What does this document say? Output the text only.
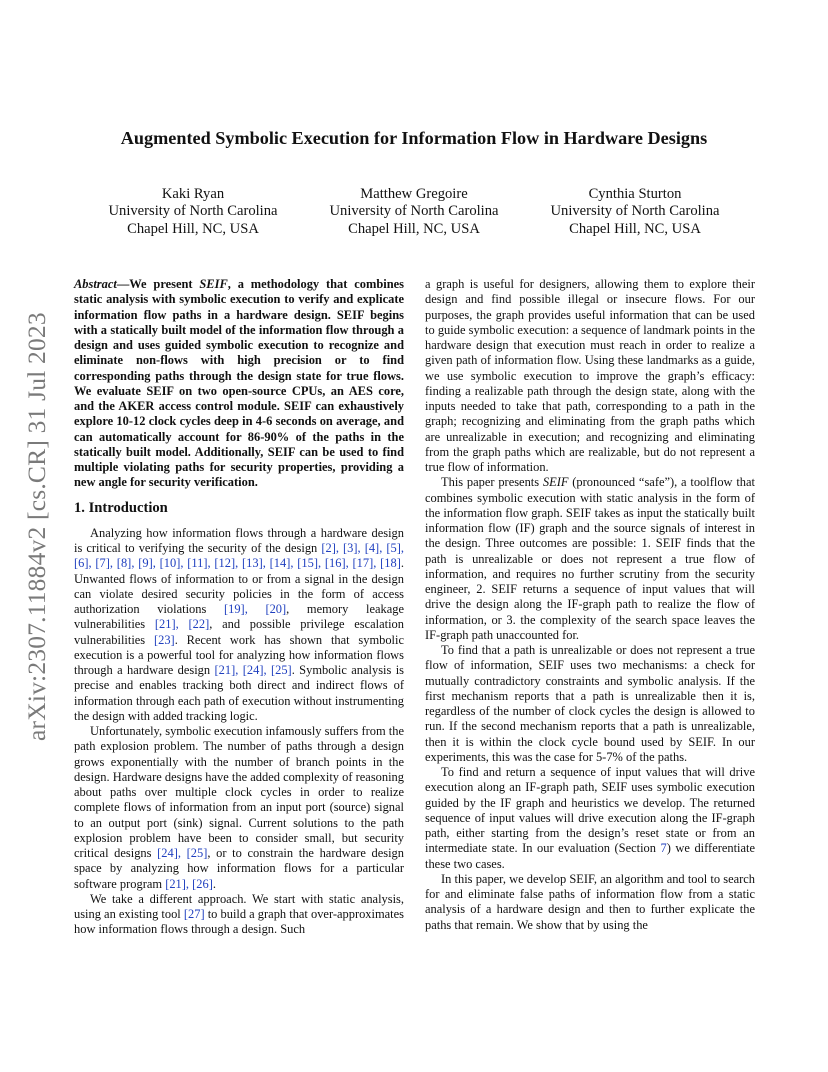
arXiv:2307.11884v2 [cs.CR] 31 Jul 2023
Augmented Symbolic Execution for Information Flow in Hardware Designs
Kaki Ryan
University of North Carolina
Chapel Hill, NC, USA
Matthew Gregoire
University of North Carolina
Chapel Hill, NC, USA
Cynthia Sturton
University of North Carolina
Chapel Hill, NC, USA

Abstract—We present SEIF, a methodology that combines static analysis with symbolic execution to verify and explicate information flow paths in a hardware design. SEIF begins with a statically built model of the information flow through a design and uses guided symbolic execution to recognize and eliminate non-flows with high precision or to find corresponding paths through the design state for true flows. We evaluate SEIF on two open-source CPUs, an AES core, and the AKER access control module. SEIF can exhaustively explore 10-12 clock cycles deep in 4-6 seconds on average, and can automatically account for 86-90% of the paths in the statically built model. Additionally, SEIF can be used to find multiple violating paths for security properties, providing a new angle for security verification.

1. Introduction

Analyzing how information flows through a hardware design is critical to verifying the security of the design [2], [3], [4], [5], [6], [7], [8], [9], [10], [11], [12], [13], [14], [15], [16], [17], [18]. Unwanted flows of information to or from a signal in the design can violate desired security policies in the form of access authorization violations [19], [20], memory leakage vulnerabilities [21], [22], and possible privilege escalation vulnerabilities [23]. Recent work has shown that symbolic execution is a powerful tool for analyzing how information flows through a hardware design [21], [24], [25]. Symbolic analysis is precise and enables tracking both direct and indirect flows of information through each path of execution without instrumenting the design with added tracking logic.

Unfortunately, symbolic execution infamously suffers from the path explosion problem. The number of paths through a design grows exponentially with the number of branch points in the design. Hardware designs have the added complexity of reasoning about paths over multiple clock cycles in order to realize complete flows of information from an input port (source) signal to an output port (sink) signal. Current solutions to the path explosion problem have been to consider small, but security critical designs [24], [25], or to constrain the hardware design space by analyzing how information flows for a particular software program [21], [26].

We take a different approach. We start with static analysis, using an existing tool [27] to build a graph that over-approximates how information flows through a design. Such

a graph is useful for designers, allowing them to explore their design and find possible illegal or insecure flows. For our purposes, the graph provides useful information that can be used to guide symbolic execution: a sequence of landmark points in the hardware design that execution must reach in order to realize a given path of information flow. Using these landmarks as a guide, we use symbolic execution to improve the graph’s efficacy: finding a realizable path through the design state, along with the inputs needed to take that path, corresponding to a path in the graph; recognizing and eliminating from the graph paths which are unrealizable in execution; and recognizing and eliminating from the graph paths which are realizable, but do not represent a true flow of information.

This paper presents SEIF (pronounced “safe”), a toolflow that combines symbolic execution with static analysis in the form of the information flow graph. SEIF takes as input the statically built information flow (IF) graph and the source signals of interest in the design. Three outcomes are possible: 1. SEIF finds that the path is unrealizable or does not represent a true flow of information, and requires no further scrutiny from the security engineer, 2. SEIF returns a sequence of input values that will drive the design along the IF-graph path to realize the flow of information, or 3. the complexity of the search space leaves the IF-graph path unaccounted for.

To find that a path is unrealizable or does not represent a true flow of information, SEIF uses two mechanisms: a check for mutually contradictory constraints and symbolic analysis. If the first mechanism reports that a path is unrealizable then it is, regardless of the number of clock cycles the design is allowed to run. If the second mechanism reports that a path is unrealizable, then it is within the clock cycle bound used by SEIF. In our experiments, this was the case for 5-7% of the paths.

To find and return a sequence of input values that will drive execution along an IF-graph path, SEIF uses symbolic execution guided by the IF graph and heuristics we develop. The returned sequence of input values will drive execution along the IF-graph path, either starting from the design’s reset state or from an intermediate state. In our evaluation (Section 7) we differentiate these two cases.

In this paper, we develop SEIF, an algorithm and tool to search for and eliminate false paths of information flow from a static analysis of a hardware design and then to further explicate the paths that remain. We show that by using the
